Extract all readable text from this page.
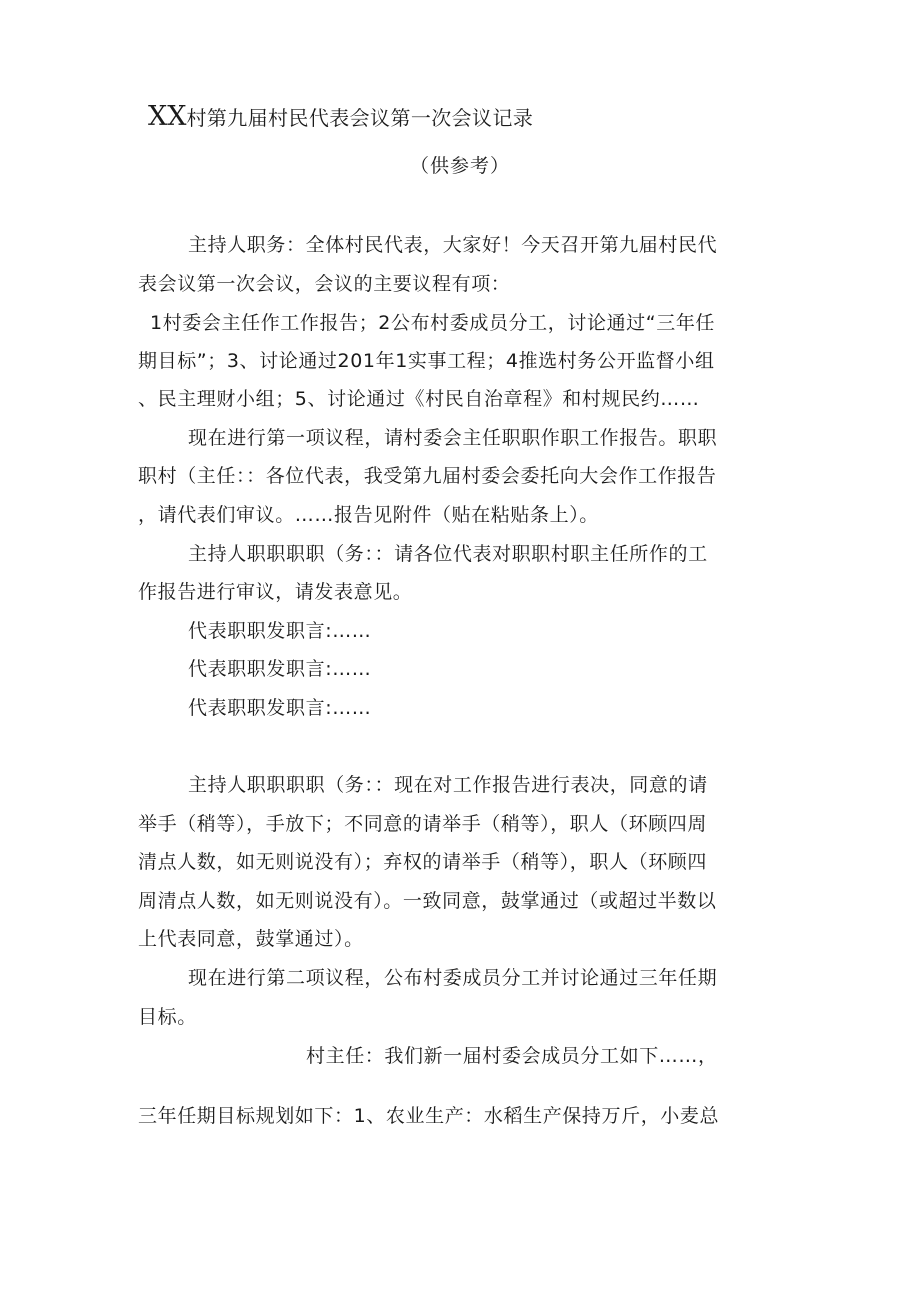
XX村第九届村民代表会议第一次会议记录
（供参考）
主持人职务：全体村民代表，大家好！今天召开第九届村民代
表会议第一次会议，会议的主要议程有项：
1村委会主任作工作报告；2公布村委成员分工，讨论通过“三年任
期目标”；3、讨论通过201年1实事工程；4推选村务公开监督小组
、民主理财小组；5、讨论通过《村民自治章程》和村规民约……
现在进行第一项议程，请村委会主任职职作职工作报告。职职
职村（主任：：各位代表，我受第九届村委会委托向大会作工作报告
，请代表们审议。……报告见附件（贴在粘贴条上）。
主持人职职职职（务：：请各位代表对职职村职主任所作的工
作报告进行审议，请发表意见。
代表职职发职言:……
代表职职发职言:……
代表职职发职言:……
主持人职职职职（务：：现在对工作报告进行表决，同意的请
举手（稍等），手放下；不同意的请举手（稍等），职人（环顾四周
清点人数，如无则说没有）；弃权的请举手（稍等），职人（环顾四
周清点人数，如无则说没有）。一致同意，鼓掌通过（或超过半数以
上代表同意，鼓掌通过）。
现在进行第二项议程，公布村委成员分工并讨论通过三年任期
目标。
村主任：我们新一届村委会成员分工如下……，
三年任期目标规划如下：1、农业生产：水稻生产保持万斤，小麦总
